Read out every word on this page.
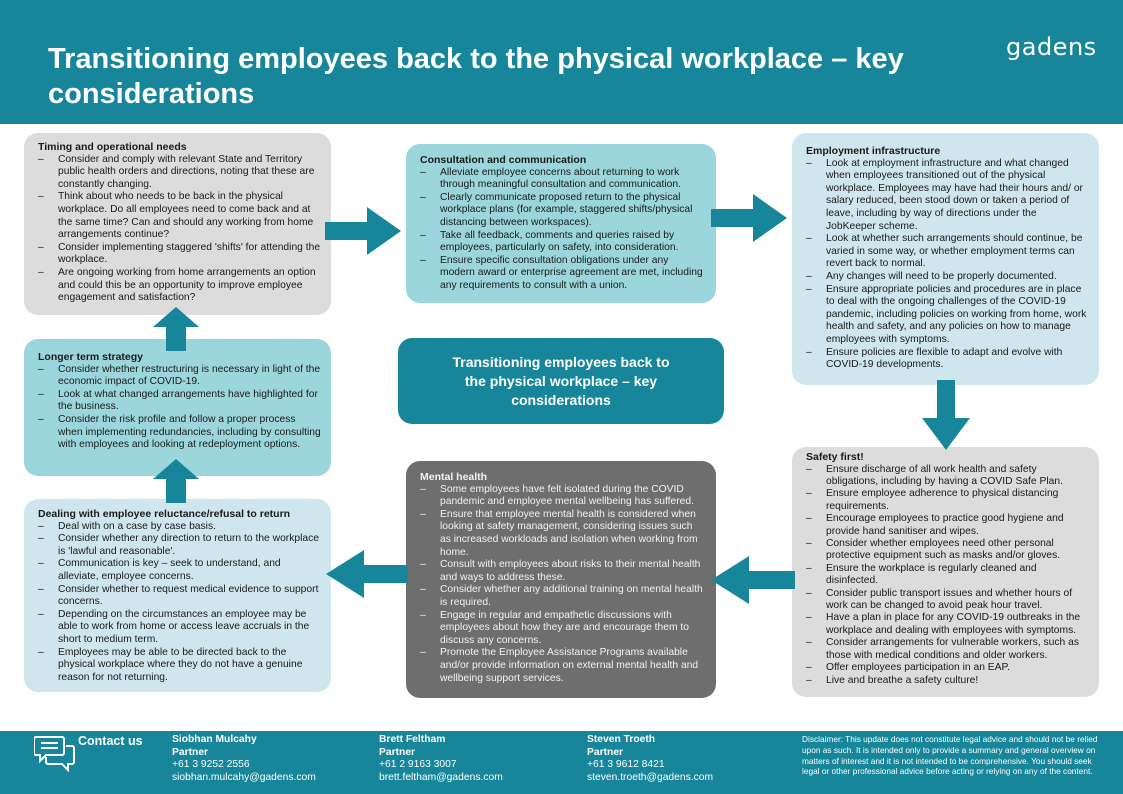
Transitioning employees back to the physical workplace – key considerations
gadens
Timing and operational needs
– Consider and comply with relevant State and Territory public health orders and directions, noting that these are constantly changing.
– Think about who needs to be back in the physical workplace. Do all employees need to come back and at the same time? Can and should any working from home arrangements continue?
– Consider implementing staggered 'shifts' for attending the workplace.
– Are ongoing working from home arrangements an option and could this be an opportunity to improve employee engagement and satisfaction?
Consultation and communication
– Alleviate employee concerns about returning to work through meaningful consultation and communication.
– Clearly communicate proposed return to the physical workplace plans (for example, staggered shifts/physical distancing between workspaces).
– Take all feedback, comments and queries raised by employees, particularly on safety, into consideration.
– Ensure specific consultation obligations under any modern award or enterprise agreement are met, including any requirements to consult with a union.
Employment infrastructure
– Look at employment infrastructure and what changed when employees transitioned out of the physical workplace. Employees may have had their hours and/ or salary reduced, been stood down or taken a period of leave, including by way of directions under the JobKeeper scheme.
– Look at whether such arrangements should continue, be varied in some way, or whether employment terms can revert back to normal.
– Any changes will need to be properly documented.
– Ensure appropriate policies and procedures are in place to deal with the ongoing challenges of the COVID-19 pandemic, including policies on working from home, work health and safety, and any policies on how to manage employees with symptoms.
– Ensure policies are flexible to adapt and evolve with COVID-19 developments.
Longer term strategy
– Consider whether restructuring is necessary in light of the economic impact of COVID-19.
– Look at what changed arrangements have highlighted for the business.
– Consider the risk profile and follow a proper process when implementing redundancies, including by consulting with employees and looking at redeployment options.
Transitioning employees back to the physical workplace – key considerations
Dealing with employee reluctance/refusal to return
– Deal with on a case by case basis.
– Consider whether any direction to return to the workplace is 'lawful and reasonable'.
– Communication is key – seek to understand, and alleviate, employee concerns.
– Consider whether to request medical evidence to support concerns.
– Depending on the circumstances an employee may be able to work from home or access leave accruals in the short to medium term.
– Employees may be able to be directed back to the physical workplace where they do not have a genuine reason for not returning.
Mental health
– Some employees have felt isolated during the COVID pandemic and employee mental wellbeing has suffered.
– Ensure that employee mental health is considered when looking at safety management, considering issues such as increased workloads and isolation when working from home.
– Consult with employees about risks to their mental health and ways to address these.
– Consider whether any additional training on mental health is required.
– Engage in regular and empathetic discussions with employees about how they are and encourage them to discuss any concerns.
– Promote the Employee Assistance Programs available and/or provide information on external mental health and wellbeing support services.
Safety first!
– Ensure discharge of all work health and safety obligations, including by having a COVID Safe Plan.
– Ensure employee adherence to physical distancing requirements.
– Encourage employees to practice good hygiene and provide hand sanitiser and wipes.
– Consider whether employees need other personal protective equipment such as masks and/or gloves.
– Ensure the workplace is regularly cleaned and disinfected.
– Consider public transport issues and whether hours of work can be changed to avoid peak hour travel.
– Have a plan in place for any COVID-19 outbreaks in the workplace and dealing with employees with symptoms.
– Consider arrangements for vulnerable workers, such as those with medical conditions and older workers.
– Offer employees participation in an EAP.
– Live and breathe a safety culture!
Contact us	Siobhan Mulcahy
Partner
+61 3 9252 2556
siobhan.mulcahy@gadens.com
Brett Feltham
Partner
+61 2 9163 3007
brett.feltham@gadens.com
Steven Troeth
Partner
+61 3 9612 8421
steven.troeth@gadens.com
Disclaimer: This update does not constitute legal advice and should not be relied upon as such. It is intended only to provide a summary and general overview on matters of interest and it is not intended to be comprehensive. You should seek legal or other professional advice before acting or relying on any of the content.
